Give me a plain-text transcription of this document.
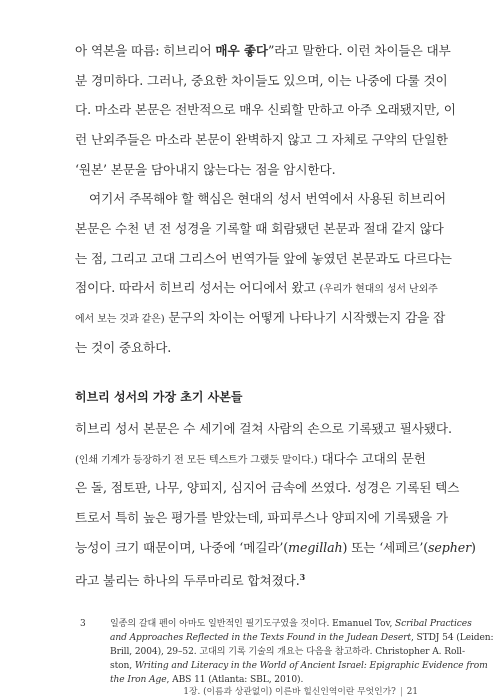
아 역본을 따름: 히브리어 매우 좋다”라고 말한다. 이런 차이들은 대부
분 경미하다. 그러나, 중요한 차이들도 있으며, 이는 나중에 다룰 것이
다. 마소라 본문은 전반적으로 매우 신뢰할 만하고 아주 오래됐지만, 이
런 난외주들은 마소라 본문이 완벽하지 않고 그 자체로 구약의 단일한
‘원본’ 본문을 담아내지 않는다는 점을 암시한다.
여기서 주목해야 할 핵심은 현대의 성서 번역에서 사용된 히브리어
본문은 수천 년 전 성경을 기록할 때 회람됐던 본문과 절대 같지 않다
는 점, 그리고 고대 그리스어 번역가들 앞에 놓였던 본문과도 다르다는
점이다. 따라서 히브리 성서는 어디에서 왔고 (우리가 현대의 성서 난외주
에서 보는 것과 같은) 문구의 차이는 어떻게 나타나기 시작했는지 감을 잡
는 것이 중요하다.
히브리 성서의 가장 초기 사본들
히브리 성서 본문은 수 세기에 걸쳐 사람의 손으로 기록됐고 필사됐다.
(인쇄 기계가 등장하기 전 모든 텍스트가 그랬듯 말이다.) 대다수 고대의 문헌
은 돌, 점토판, 나무, 양피지, 심지어 금속에 쓰였다. 성경은 기록된 텍스
트로서 특히 높은 평가를 받았는데, 파피루스나 양피지에 기록됐을 가
능성이 크기 때문이며, 나중에 ‘메길라’(megillah) 또는 ‘세페르’(sepher)
라고 불리는 하나의 두루마리로 합쳐졌다.$^3$
3	일종의 갈대 펜이 아마도 일반적인 필기도구였을 것이다. Emanuel Tov, Scribal Practices
and Approaches Reflected in the Texts Found in the Judean Desert, STDJ 54 (Leiden:
Brill, 2004), 29–52. 고대의 기록 기술의 개요는 다음을 참고하라. Christopher A. Roll-
ston, Writing and Literacy in the World of Ancient Israel: Epigraphic Evidence from
the Iron Age, ABS 11 (Atlanta: SBL, 2010).
1장. (이름과 상관없이) 이른바 힐신인역이란 무엇인가? | 21
